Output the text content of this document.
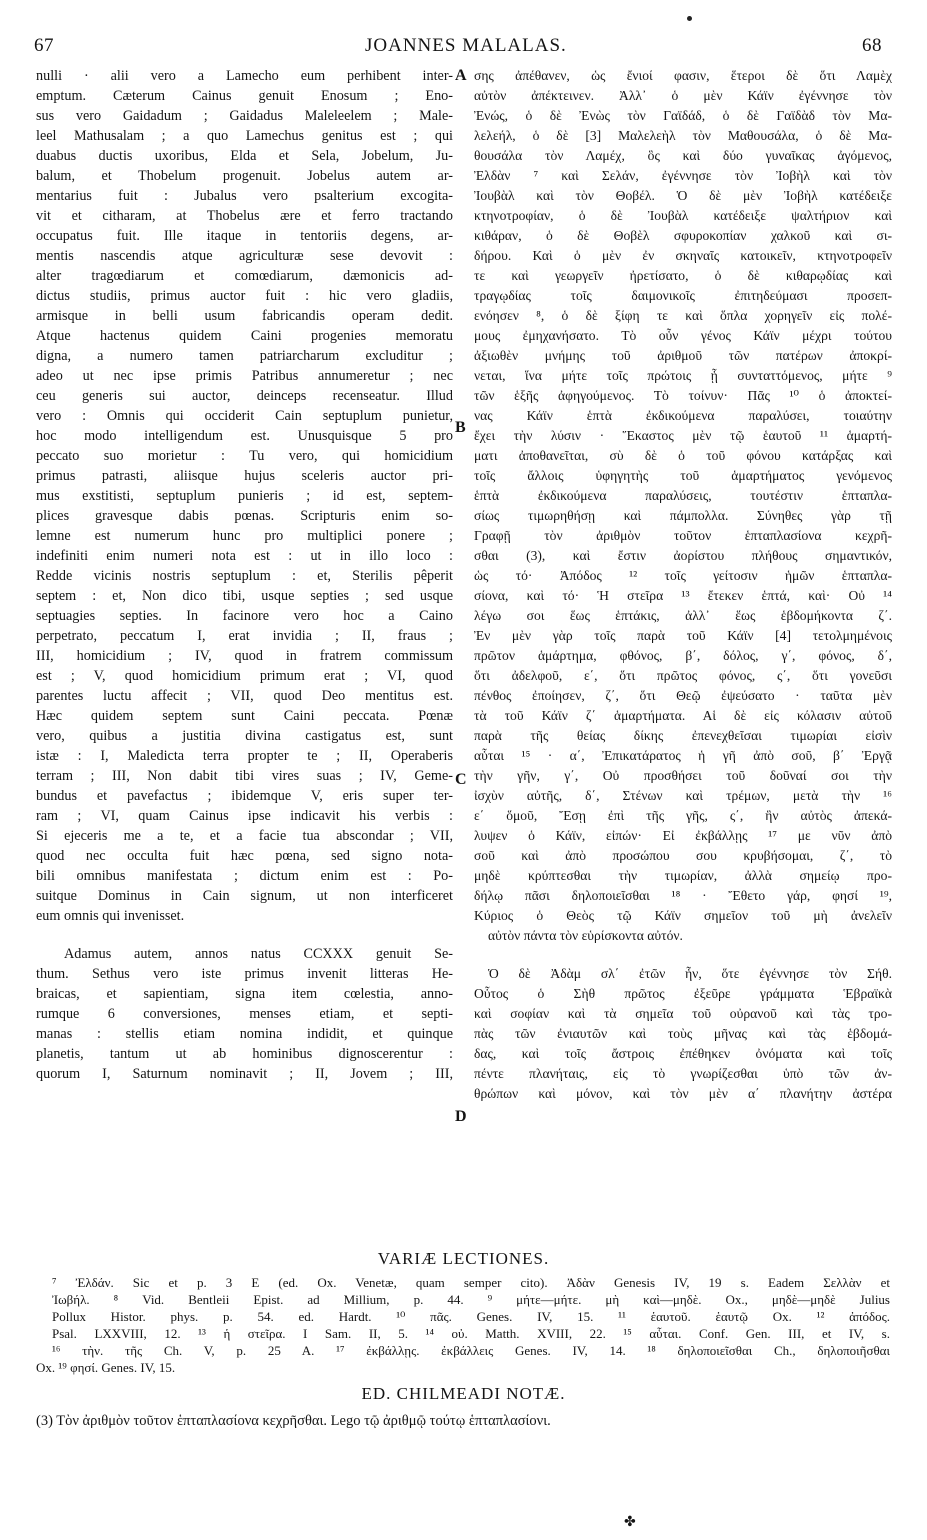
67	JOANNES MALALAS.	68
nulli · alii vero a Lamecho eum perhibent inter-
emptum. Cæterum Cainus genuit Enosum ; Eno-
sus vero Gaidadum ; Gaidadus Maleleelem ; Male-
leel Mathusalam ; a quo Lamechus genitus est ; qui
duabus ductis uxoribus, Elda et Sela, Jobelum, Ju-
balum, et Thobelum progenuit. Jobelus autem ar-
mentarius fuit : Jubalus vero psalterium excogita-
vit et citharam, at Thobelus ære et ferro tractando
occupatus fuit. Ille itaque in tentoriis degens, ar-
mentis nascendis atque agriculturæ sese devovit :
alter tragœdiarum et comœdiarum, dæmonicis ad-
dictus studiis, primus auctor fuit : hic vero gladiis,
armisque in belli usum fabricandis operam dedit.
Atque hactenus quidem Caini progenies memoratu
digna, a numero tamen patriarcharum excluditur ;
adeo ut nec ipse primis Patribus annumeretur ; nec
ceu generis sui auctor, deinceps recenseatur. Illud
vero : Omnis qui occiderit Cain septuplum punietur,
hoc modo intelligendum est. Unusquisque 5 pro
peccato suo morietur : Tu vero, qui homicidium
primus patrasti, aliisque hujus sceleris auctor pri-
mus exstitisti, septuplum punieris ; id est, septem-
plices gravesque dabis pœnas. Scripturis enim so-
lemne est numerum hunc pro multiplici ponere ;
indefiniti enim numeri nota est : ut in illo loco :
Redde vicinis nostris septuplum : et, Sterilis pêperit
septem : et, Non dico tibi, usque septies ; sed usque
septuagies septies. In facinore vero hoc a Caino
perpetrato, peccatum I, erat invidia ; II, fraus ;
III, homicidium ; IV, quod in fratrem commissum
est ; V, quod homicidium primum erat ; VI, quod
parentes luctu affecit ; VII, quod Deo mentitus est.
Hæc quidem septem sunt Caini peccata. Pœnæ
vero, quibus a justitia divina castigatus est, sunt
istæ : I, Maledicta terra propter te ; II, Operaberis
terram ; III, Non dabit tibi vires suas ; IV, Geme-
bundus et pavefactus ; ibidemque V, eris super ter-
ram ; VI, quam Cainus ipse indicavit his verbis :
Si ejeceris me a te, et a facie tua abscondar ; VII,
quod nec occulta fuit hæc pœna, sed signo nota-
bili omnibus manifestata ; dictum enim est : Po-
suitque Dominus in Cain signum, ut non interficeret
eum omnis qui invenisset.
Adamus autem, annos natus CCXXX genuit Se-
thum. Sethus vero iste primus invenit litteras He-
braicas, et sapientiam, signa item cœlestia, anno-
rumque 6 conversiones, menses etiam, et septi-
manas : stellis etiam nomina indidit, et quinque
planetis, tantum ut ab hominibus dignoscerentur :
quorum I, Saturnum nominavit ; II, Jovem ; III,
σης ἀπέθανεν, ὡς ἔνιοί φασιν, ἕτεροι δὲ ὅτι Λαμὲχ
αὐτὸν ἀπέκτεινεν. Ἀλλ᾽ ὁ μὲν Κάϊν ἐγέννησε τὸν
Ἐνώς, ὁ δὲ Ἐνὼς τὸν Γαϊδάδ, ὁ δὲ Γαϊδὰδ τὸν Μα-
λελεήλ, ὁ δὲ [3] Μαλελεὴλ τὸν Μαθουσάλα, ὁ δὲ Μα-
θουσάλα τὸν Λαμέχ, ὃς καὶ δύο γυναῖκας ἀγόμενος,
Ἐλδὰν ⁷ καὶ Σελάν, ἐγέννησε τὸν Ἰοβὴλ καὶ τὸν
Ἰουβὰλ καὶ τὸν Θοβέλ. Ὁ δὲ μὲν Ἰοβὴλ κατέδειξε
κτηνοτροφίαν, ὁ δὲ Ἰουβὰλ κατέδειξε ψαλτήριον καὶ
κιθάραν, ὁ δὲ Θοβὲλ σφυροκοπίαν χαλκοῦ καὶ σι-
δήρου. Καὶ ὁ μὲν ἐν σκηναῖς κατοικεῖν, κτηνοτροφεῖν
τε καὶ γεωργεῖν ἠρετίσατο, ὁ δὲ κιθαρῳδίας καὶ
τραγῳδίας τοῖς δαιμονικοῖς ἐπιτηδεύμασι προσεπ-
ενόησεν ⁸, ὁ δὲ ξίφη τε καὶ ὅπλα χορηγεῖν εἰς πολέ-
μους ἐμηχανήσατο. Τὸ οὖν γένος Κάϊν μέχρι τούτου
ἀξιωθὲν μνήμης τοῦ ἀριθμοῦ τῶν πατέρων ἀποκρί-
νεται, ἵνα μήτε τοῖς πρώτοις ᾖ συνταττόμενος, μήτε ⁹
τῶν ἑξῆς ἀφηγούμενος. Τὸ τοίνυν· Πᾶς ¹⁰ ὁ ἀποκτεί-
νας Κάϊν ἑπτὰ ἐκδικούμενα παραλύσει, τοιαύτην
ἔχει τὴν λύσιν · Ἕκαστος μὲν τῷ ἑαυτοῦ ¹¹ ἁμαρτή-
ματι ἀποθανεῖται, σὺ δὲ ὁ τοῦ φόνου κατάρξας καὶ
τοῖς ἄλλοις ὑφηγητὴς τοῦ ἁμαρτήματος γενόμενος
ἑπτὰ ἐκδικούμενα παραλύσεις, τουτέστιν ἑπταπλα-
σίως τιμωρηθήσῃ καὶ πάμπολλα. Σύνηθες γὰρ τῇ
Γραφῇ τὸν ἀριθμὸν τοῦτον ἑπταπλασίονα κεχρῆ-
σθαι (3), καὶ ἔστιν ἀορίστου πλήθους σημαντικόν,
ὡς τό· Ἀπόδος ¹² τοῖς γείτοσιν ἡμῶν ἑπταπλα-
σίονα, καὶ τό· Ἡ στεῖρα ¹³ ἔτεκεν ἑπτά, καὶ· Οὐ ¹⁴
λέγω σοι ἕως ἑπτάκις, ἀλλ᾽ ἕως ἑβδομήκοντα ζ΄.
Ἐν μὲν γὰρ τοῖς παρὰ τοῦ Κάϊν [4] τετολμημένοις
πρῶτον ἁμάρτημα, φθόνος, β΄, δόλος, γ΄, φόνος, δ΄,
ὅτι ἀδελφοῦ, ε΄, ὅτι πρῶτος φόνος, ς΄, ὅτι γονεῦσι
πένθος ἐποίησεν, ζ΄, ὅτι Θεῷ ἐψεύσατο · ταῦτα μὲν
τὰ τοῦ Κάϊν ζ΄ ἁμαρτήματα. Αἱ δὲ εἰς κόλασιν αὐτοῦ
παρὰ τῆς θείας δίκης ἐπενεχθεῖσαι τιμωρίαι εἰσὶν
αὗται ¹⁵ · α΄, Ἐπικατάρατος ἡ γῆ ἀπὸ σοῦ, β΄ Ἐργᾷ
τὴν γῆν, γ΄, Οὐ προσθήσει τοῦ δοῦναί σοι τὴν
ἰσχὺν αὐτῆς, δ΄, Στένων καὶ τρέμων, μετὰ τὴν ¹⁶
ε΄ ὅμοῦ, Ἔσῃ ἐπὶ τῆς γῆς, ς΄, ἣν αὐτὸς ἀπεκά-
λυψεν ὁ Κάϊν, εἰπών· Εἰ ἐκβάλλῃς ¹⁷ με νῦν ἀπὸ
σοῦ καὶ ἀπὸ προσώπου σου κρυβήσομαι, ζ΄, τὸ
μηδὲ κρύπτεσθαι τὴν τιμωρίαν, ἀλλὰ σημείῳ προ-
δήλῳ πᾶσι δηλοποιεῖσθαι ¹⁸ · Ἔθετο γάρ, φησί ¹⁹,
Κύριος ὁ Θεὸς τῷ Κάϊν σημεῖον τοῦ μὴ ἀνελεῖν
αὐτὸν πάντα τὸν εὑρίσκοντα αὐτόν.
Ὁ δὲ Ἀδὰμ σλ΄ ἐτῶν ἦν, ὅτε ἐγέννησε τὸν Σήθ.
Οὗτος ὁ Σὴθ πρῶτος ἐξεῦρε γράμματα Ἑβραϊκὰ
καὶ σοφίαν καὶ τὰ σημεῖα τοῦ οὐρανοῦ καὶ τὰς τρο-
πὰς τῶν ἐνιαυτῶν καὶ τοὺς μῆνας καὶ τὰς ἑβδομά-
δας, καὶ τοῖς ἄστροις ἐπέθηκεν ὀνόματα καὶ τοῖς
πέντε πλανήταις, εἰς τὸ γνωρίζεσθαι ὑπὸ τῶν ἀν-
θρώπων καὶ μόνον, καὶ τὸν μὲν α΄ πλανήτην ἀστέρα
A
B
C
D
VARIÆ LECTIONES.
⁷ Ἐλδάν. Sic et p. 3 E (ed. Ox. Venetæ, quam semper cito). Ἀδὰν Genesis IV, 19 s. Eadem Σελλὰν et
Ἰωβήλ. ⁸ Vid. Bentleii Epist. ad Millium, p. 44. ⁹ μήτε—μήτε. μὴ καὶ—μηδὲ. Ox., μηδὲ—μηδὲ Julius
Pollux Histor. phys. p. 54. ed. Hardt. ¹⁰ πᾶς. Genes. IV, 15. ¹¹ ἑαυτοῦ. ἑαυτῷ Ox. ¹² ἀπόδος.
Psal. LXXVIII, 12. ¹³ ἡ στεῖρα. I Sam. II, 5. ¹⁴ οὐ. Matth. XVIII, 22. ¹⁵ αὗται. Conf. Gen. III, et IV, s.
¹⁶ τὴν. τῆς Ch. V, p. 25 A. ¹⁷ ἐκβάλλῃς. ἐκβάλλεις Genes. IV, 14. ¹⁸ δηλοποιεῖσθαι Ch., δηλοποιῆσθαι
Ox. ¹⁹ φησί. Genes. IV, 15.
ED. CHILMEADI NOTÆ.
(3) Τὸν ἀριθμὸν τοῦτον ἑπταπλασίονα κεχρῆσθαι. Lego τῷ ἀριθμῷ τούτῳ ἑπταπλασίονι.
✤
